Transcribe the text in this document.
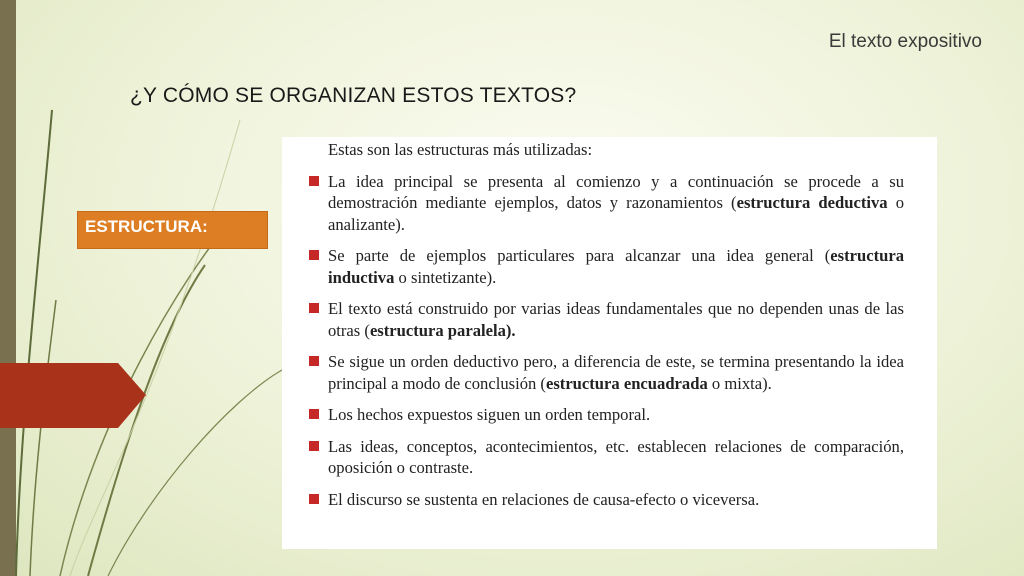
El texto expositivo
¿Y CÓMO SE ORGANIZAN ESTOS TEXTOS?
ESTRUCTURA:

Estas son las estructuras más utilizadas:

La idea principal se presenta al comienzo y a continuación se procede a su demostración mediante ejemplos, datos y razonamientos (estructura deductiva o analizante).
Se parte de ejemplos particulares para alcanzar una idea general (estructura inductiva o sintetizante).
El texto está construido por varias ideas fundamentales que no dependen unas de las otras (estructura paralela).
Se sigue un orden deductivo pero, a diferencia de este, se termina presentando la idea principal a modo de conclusión (estructura encuadrada o mixta).
Los hechos expuestos siguen un orden temporal.
Las ideas, conceptos, acontecimientos, etc. establecen relaciones de comparación, oposición o contraste.
El discurso se sustenta en relaciones de causa-efecto o viceversa.
